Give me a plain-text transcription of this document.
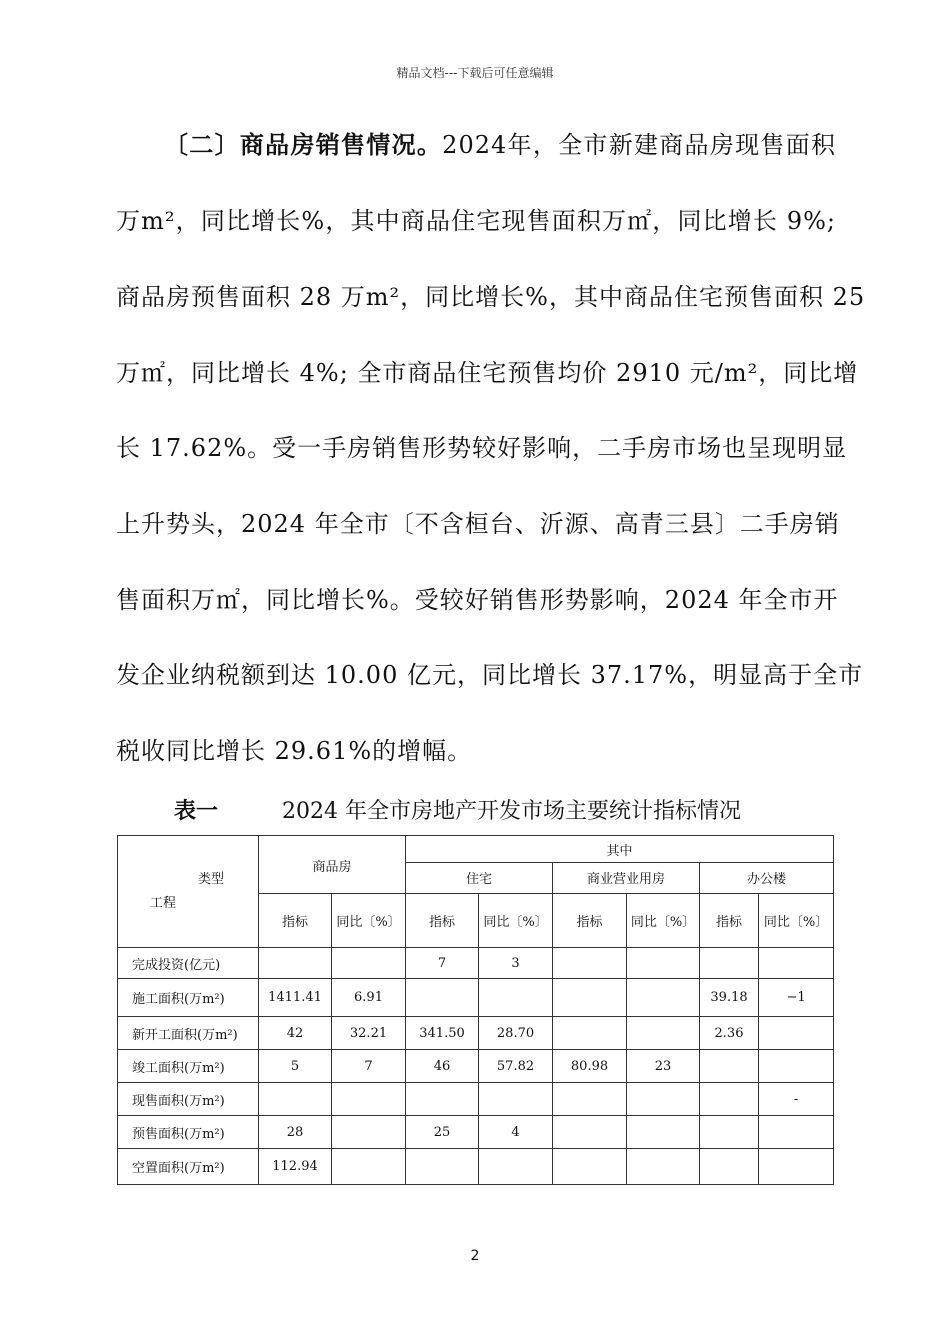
精品文档---下载后可任意编辑
〔二〕商品房销售情况。2024年，全市新建商品房现售面积
万m²，同比增长%，其中商品住宅现售面积万㎡，同比增长 9%;
商品房预售面积 28 万m²，同比增长%，其中商品住宅预售面积 25
万㎡，同比增长 4%; 全市商品住宅预售均价 2910 元/m²，同比增
长 17.62%。受一手房销售形势较好影响，二手房市场也呈现明显
上升势头，2024 年全市〔不含桓台、沂源、高青三县〕二手房销
售面积万㎡，同比增长%。受较好销售形势影响，2024 年全市开
发企业纳税额到达 10.00 亿元，同比增长 37.17%，明显高于全市
税收同比增长 29.61%的增幅。
表一	2024 年全市房地产开发市场主要统计指标情况
类型
工程	商品房		其中					
			住宅		商业营业用房		办公楼	
	指标	同比〔%〕	指标	同比〔%〕	指标	同比〔%〕	指标	同比〔%〕
完成投资(亿元)			7	3				
施工面积(万m²)	1411.41	6.91					39.18	−1
新开工面积(万m²)	42	32.21	341.50	28.70			2.36	
竣工面积(万m²)	5	7	46	57.82	80.98	23		
现售面积(万m²)								-
预售面积(万m²)	28		25	4				
空置面积(万m²)	112.94							
2
